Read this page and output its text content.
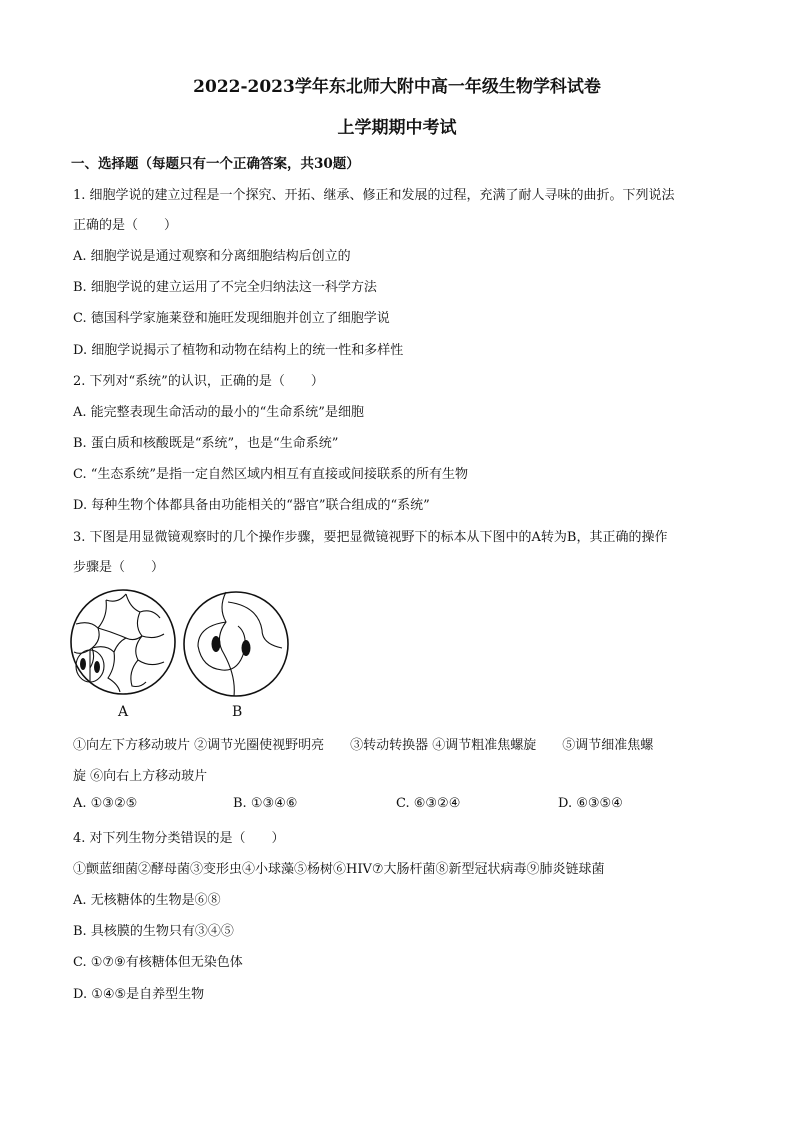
2022-2023学年东北师大附中高一年级生物学科试卷
上学期期中考试
一、选择题（每题只有一个正确答案，共30题）
1. 细胞学说的建立过程是一个探究、开拓、继承、修正和发展的过程，充满了耐人寻味的曲折。下列说法
正确的是（　　）
A. 细胞学说是通过观察和分离细胞结构后创立的
B. 细胞学说的建立运用了不完全归纳法这一科学方法
C. 德国科学家施莱登和施旺发现细胞并创立了细胞学说
D. 细胞学说揭示了植物和动物在结构上的统一性和多样性
2. 下列对“系统”的认识，正确的是（　　）
A. 能完整表现生命活动的最小的“生命系统”是细胞
B. 蛋白质和核酸既是“系统”，也是“生命系统”
C. “生态系统”是指一定自然区域内相互有直接或间接联系的所有生物
D. 每种生物个体都具备由功能相关的“器官”联合组成的“系统”
3. 下图是用显微镜观察时的几个操作步骤，要把显微镜视野下的标本从下图中的A转为B，其正确的操作
步骤是（　　）
A	B
①向左下方移动玻片 ②调节光圈使视野明亮　　③转动转换器 ④调节粗准焦螺旋　　⑤调节细准焦螺
旋 ⑥向右上方移动玻片
A. ①③②⑤	B. ①③④⑥	C. ⑥③②④	D. ⑥③⑤④
4. 对下列生物分类错误的是（　　）
①颤蓝细菌②酵母菌③变形虫④小球藻⑤杨树⑥HIV⑦大肠杆菌⑧新型冠状病毒⑨肺炎链球菌
A. 无核糖体的生物是⑥⑧
B. 具核膜的生物只有③④⑤
C. ①⑦⑨有核糖体但无染色体
D. ①④⑤是自养型生物
